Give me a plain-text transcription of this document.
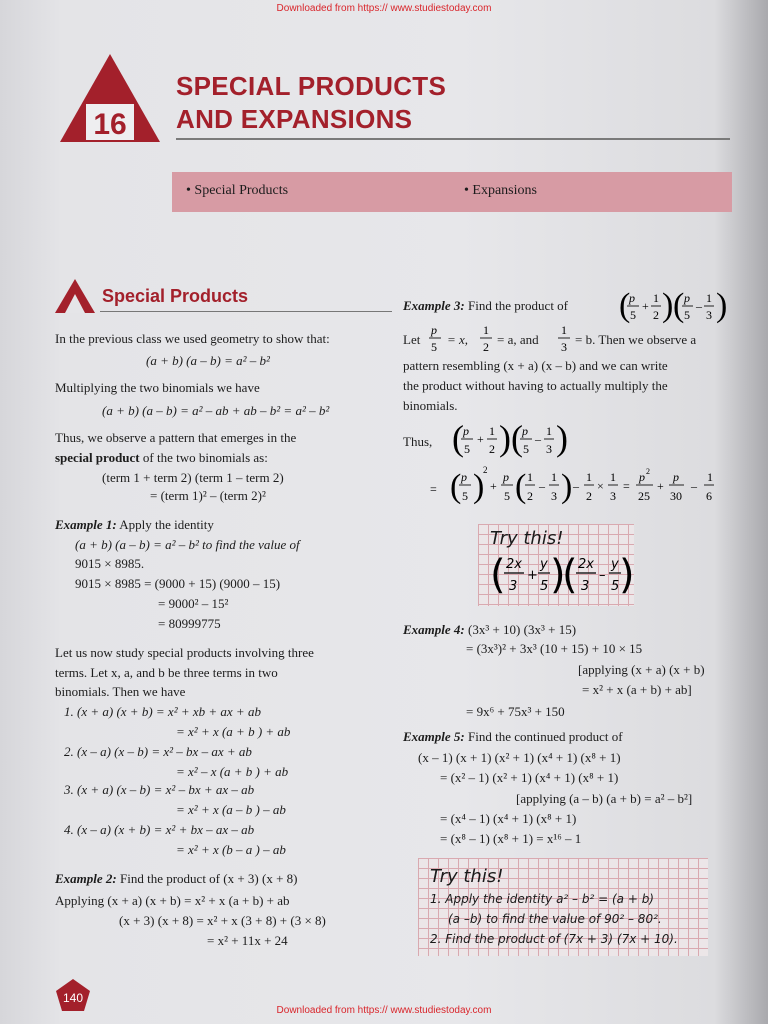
Downloaded from https:// www.studiestoday.com
16
SPECIAL PRODUCTS
AND EXPANSIONS
• Special Products	• Expansions
Special Products
In the previous class we used geometry to show that:
(a + b) (a – b) = a² – b²
Multiplying the two binomials we have
(a + b) (a – b) = a² – ab + ab – b² = a² – b²
Thus, we observe a pattern that emerges in the
special product of the two binomials as:
(term 1 + term 2) (term 1 – term 2)
= (term 1)² – (term 2)²
Example 1: Apply the identity
(a + b) (a – b) = a² – b² to find the value of
9015 × 8985.
9015 × 8985 = (9000 + 15) (9000 – 15)
= 9000² – 15²
= 80999775
Let us now study special products involving three
terms. Let x, a, and b be three terms in two
binomials. Then we have
1. (x + a) (x + b) = x² + xb + ax + ab
= x² + x (a + b ) + ab
2. (x – a) (x – b) = x² – bx – ax + ab
= x² – x (a + b ) + ab
3. (x + a) (x – b) = x² – bx + ax – ab
= x² + x (a – b ) – ab
4. (x – a) (x + b) = x² + bx – ax – ab
= x² + x (b – a ) – ab
Example 2: Find the product of (x + 3) (x + 8)
Applying (x + a) (x + b) = x² + x (a + b) + ab
(x + 3) (x + 8) = x² + x (3 + 8) + (3 × 8)
= x² + 11x + 24
Example 3: Find the product of (
p
5
+
1
2 ) ( p
5
–
1
3 )
Let
p
5 = x,
1
2 = a, and
1
3 = b. Then we observe a
pattern resembling (x + a) (x – b) and we can write
the product without having to actually multiply the
binomials.
Thus, ( p
5
+
1
2 ) ( p
5
–
1
3 )
= ( p
5 )
2
+
p
5 ( 1
2
–
1
3 ) –
1
2
×
1
3
=
p 2
25
+
p
30
–
1
6
Try this!
( 2x
3
+
y
5 )
( 2x
3
–
y
5 )
Example 4: (3x³ + 10) (3x³ + 15)
= (3x³)² + 3x³ (10 + 15) + 10 × 15
[applying (x + a) (x + b)
= x² + x (a + b) + ab]
= 9x⁶ + 75x³ + 150
Example 5: Find the continued product of
(x – 1) (x + 1) (x² + 1) (x⁴ + 1) (x⁸ + 1)
= (x² – 1) (x² + 1) (x⁴ + 1) (x⁸ + 1)
[applying (a – b) (a + b) = a² – b²]
= (x⁴ – 1) (x⁴ + 1) (x⁸ + 1)
= (x⁸ – 1) (x⁸ + 1) = x¹⁶ – 1
Try this!
1. Apply the identity a² – b² = (a + b)
(a –b) to find the value of 90² – 80².
2. Find the product of (7x + 3) (7x + 10).
140
Downloaded from https:// www.studiestoday.com
